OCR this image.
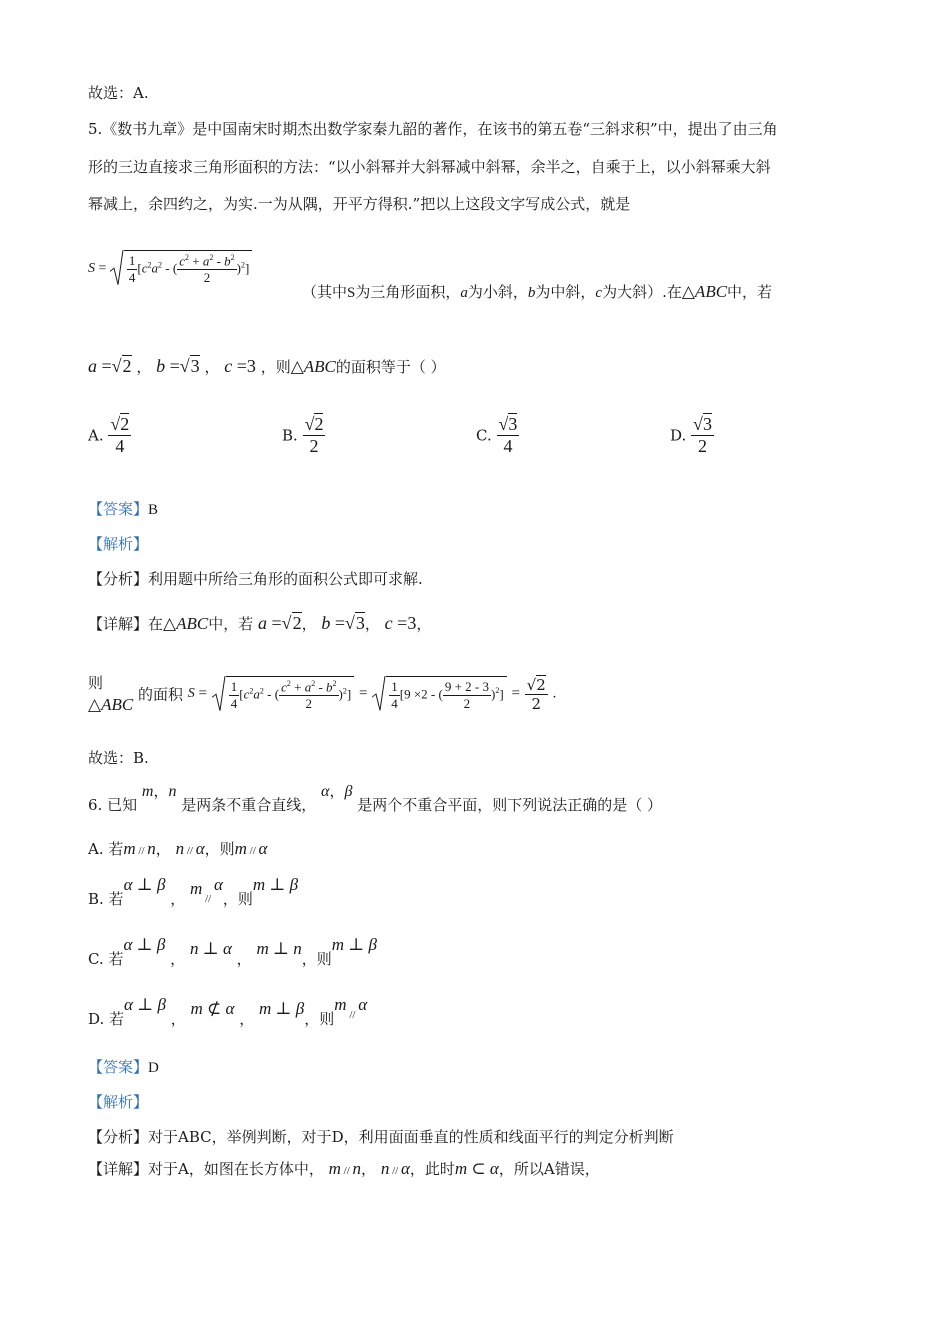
故选：A.
5.《数书九章》是中国南宋时期杰出数学家秦九韶的著作，在该书的第五卷“三斜求积”中，提出了由三角
形的三边直接求三角形面积的方法：“以小斜幂并大斜幂减中斜幂，余半之，自乘于上，以小斜幂乘大斜
幂减上，余四约之，为实.一为从隅，开平方得积.”把以上这段文字写成公式，就是
$S = \frac{1}{4} [c^2a^2$ - ( $\frac{c^2 + a^2 - b^2}{2} )^2$]
（其中S为三角形面积，a为小斜，b为中斜，c为大斜）.在△ABC中，若
a =√2 ， b =√3 ， c =3 ，则△ABC的面积等于（ ）
A. $\frac{√2}{4}$	B. $\frac{√2}{2}$	C. $\frac{√3}{4}$	D. $\frac{√3}{2}$
【答案】B
【解析】
【分析】利用题中所给三角形的面积公式即可求解.
【详解】在△ABC中，若 a =√2， b =√3， c =3，
则
△ABC
的面积 $S = \frac{1}{4} [c^2a^2$ - ( $\frac{c^2 + a^2 - b^2}{2} )^2] = \frac{1}{4} [9 \times 2$ - ( $\frac{9 + 2 - 3}{2} )^2] = \frac{√2}{2}$ .
故选：B.
6. 已知 m，n 是两条不重合直线， α，β 是两个不重合平面，则下列说法正确的是（ ）
A. 若m // n， n // α，则m // α
B. 若α ⊥ β ， m $_{//}$ α，则m ⊥ β
C. 若α ⊥ β ， n ⊥ α ， m ⊥ n，则m ⊥ β
D. 若α ⊥ β ， m ⊄ α ， m ⊥ β，则m $_{//}$ α
【答案】D
【解析】
【分析】对于ABC，举例判断，对于D，利用面面垂直的性质和线面平行的判定分析判断
【详解】对于A，如图在长方体中， m // n， n // α，此时m ⊂ α，所以A错误，
